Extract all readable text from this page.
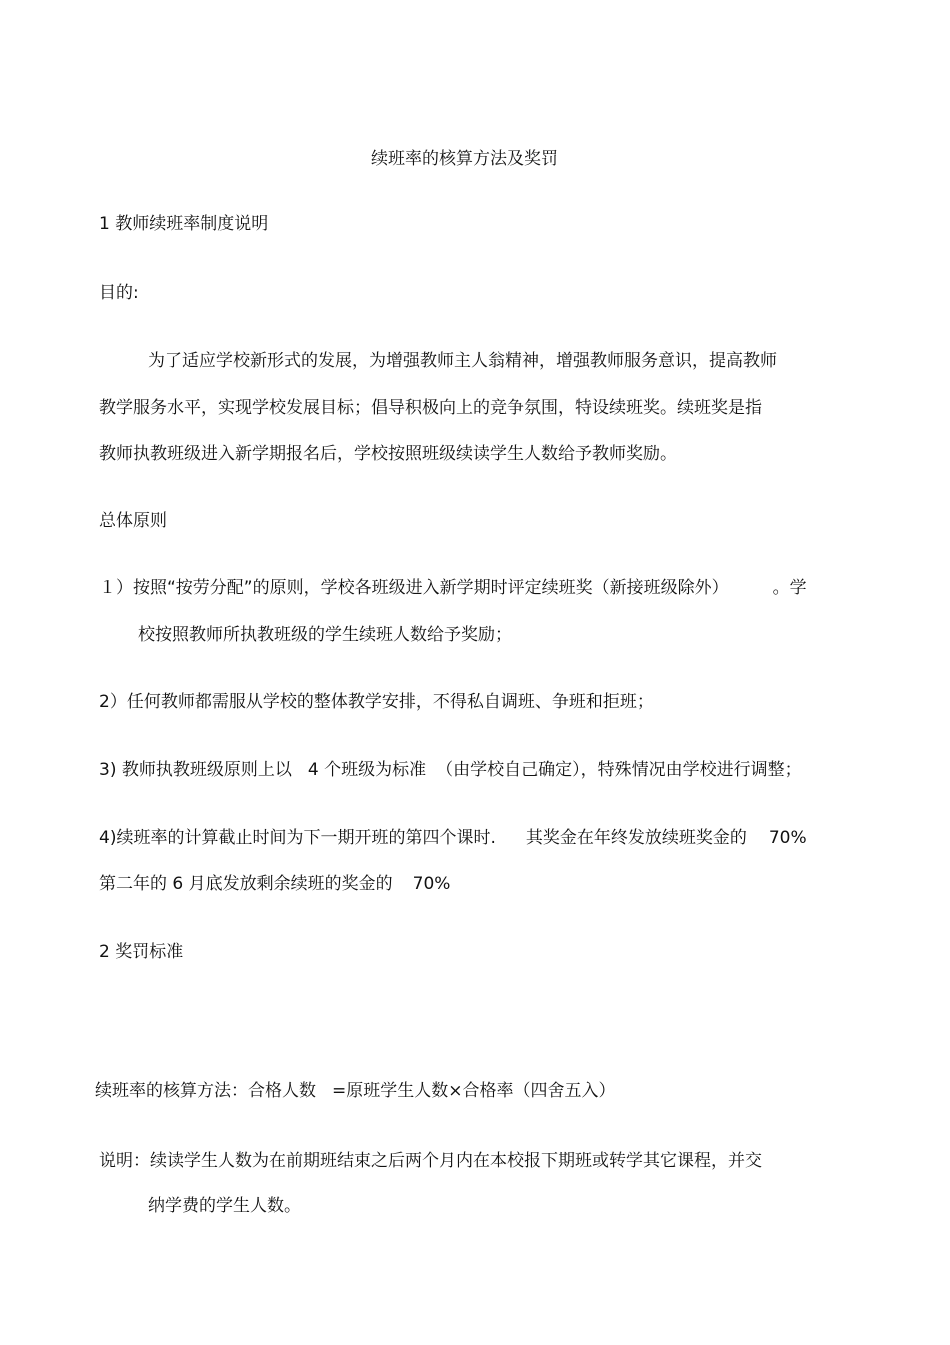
续班率的核算方法及奖罚
1 教师续班率制度说明
目的:
为了适应学校新形式的发展，为增强教师主人翁精神，增强教师服务意识，提高教师
教学服务水平，实现学校发展目标；倡导积极向上的竞争氛围，特设续班奖。续班奖是指
教师执教班级进入新学期报名后，学校按照班级续读学生人数给予教师奖励。
总体原则
１）按照“按劳分配”的原则，学校各班级进入新学期时评定续班奖（新接班级除外）	。学
校按照教师所执教班级的学生续班人数给予奖励；
2）任何教师都需服从学校的整体教学安排，不得私自调班、争班和拒班；
3) 教师执教班级原则上以 4 个班级为标准 （由学校自己确定），特殊情况由学校进行调整；
4)续班率的计算截止时间为下一期开班的第四个课时. 其奖金在年终发放续班奖金的 70%
第二年的 6 月底发放剩余续班的奖金的 70%
2 奖罚标准
续班率的核算方法：合格人数 =原班学生人数×合格率（四舍五入）
说明：续读学生人数为在前期班结束之后两个月内在本校报下期班或转学其它课程，并交
纳学费的学生人数。
